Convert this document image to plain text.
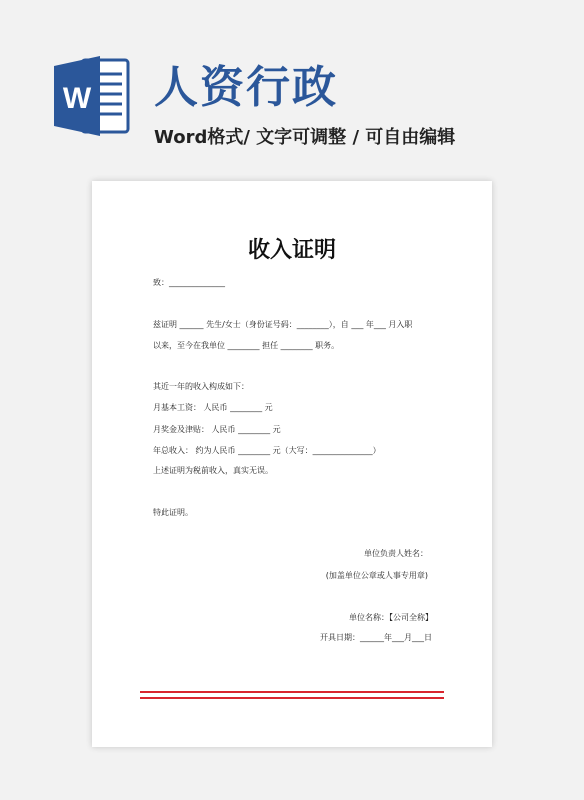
W 人资行政
Word格式/ 文字可调整 / 可自由编辑
收入证明
致：______________
兹证明 ______ 先生/女士（身份证号码：________），自 ___ 年___ 月入职
以来，至今在我单位 ________ 担任 ________ 职务。
其近一年的收入构成如下：
月基本工资： 人民币 ________ 元
月奖金及津贴： 人民币 ________ 元
年总收入： 约为人民币 ________ 元（大写：_______________）
上述证明为税前收入，真实无误。
特此证明。
单位负责人姓名：
(加盖单位公章或人事专用章)
单位名称：【公司全称】
开具日期：______年___月___日
